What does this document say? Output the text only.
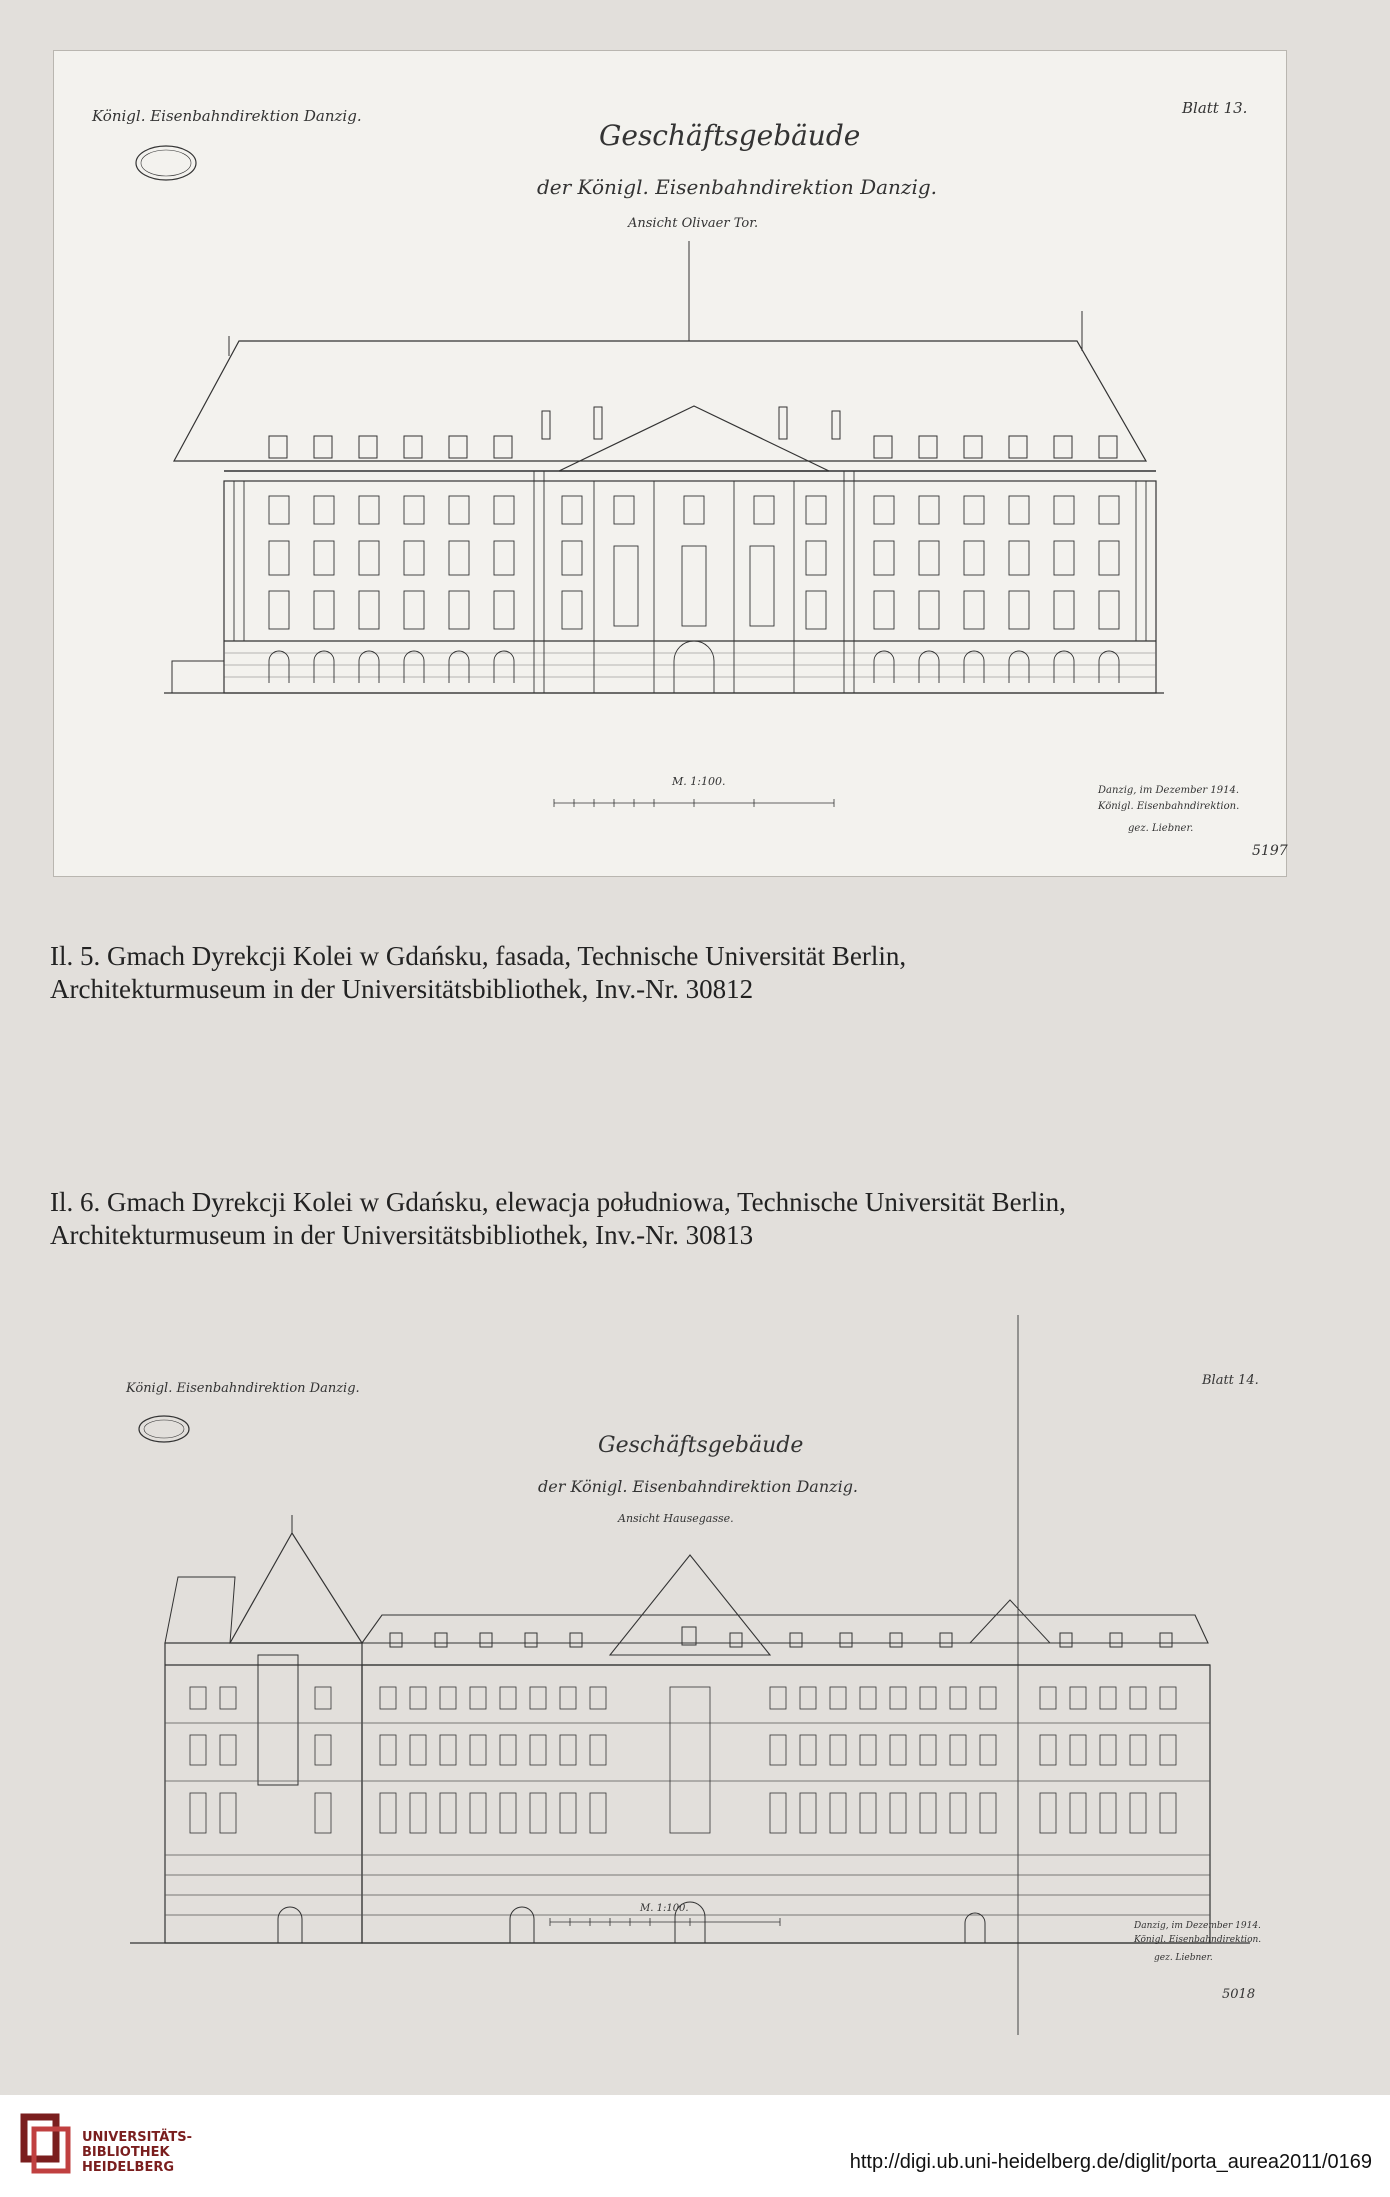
Königl. Eisenbahndirektion Danzig.	Blatt 13.
Geschäftsgebäude
der Königl. Eisenbahndirektion Danzig.
Ansicht Olivaer Tor.
M. 1:100.
Danzig, im Dezember 1914.
Königl. Eisenbahndirektion.
gez. Liebner.
5197
Il. 5. Gmach Dyrekcji Kolei w Gdańsku, fasada, Technische Universität Berlin,
Architekturmuseum in der Universitätsbibliothek, Inv.-Nr. 30812
Il. 6. Gmach Dyrekcji Kolei w Gdańsku, elewacja południowa, Technische Universität Berlin,
Architekturmuseum in der Universitätsbibliothek, Inv.-Nr. 30813
Königl. Eisenbahndirektion Danzig.
Blatt 14.
Geschäftsgebäude
der Königl. Eisenbahndirektion Danzig.
Ansicht Hausegasse.
M. 1:100.
Danzig, im Dezember 1914.
Königl. Eisenbahndirektion.
gez. Liebner.
5018
UNIVERSITÄTS-
BIBLIOTHEK
HEIDELBERG	http://digi.ub.uni-heidelberg.de/diglit/porta_aurea2011/0169
